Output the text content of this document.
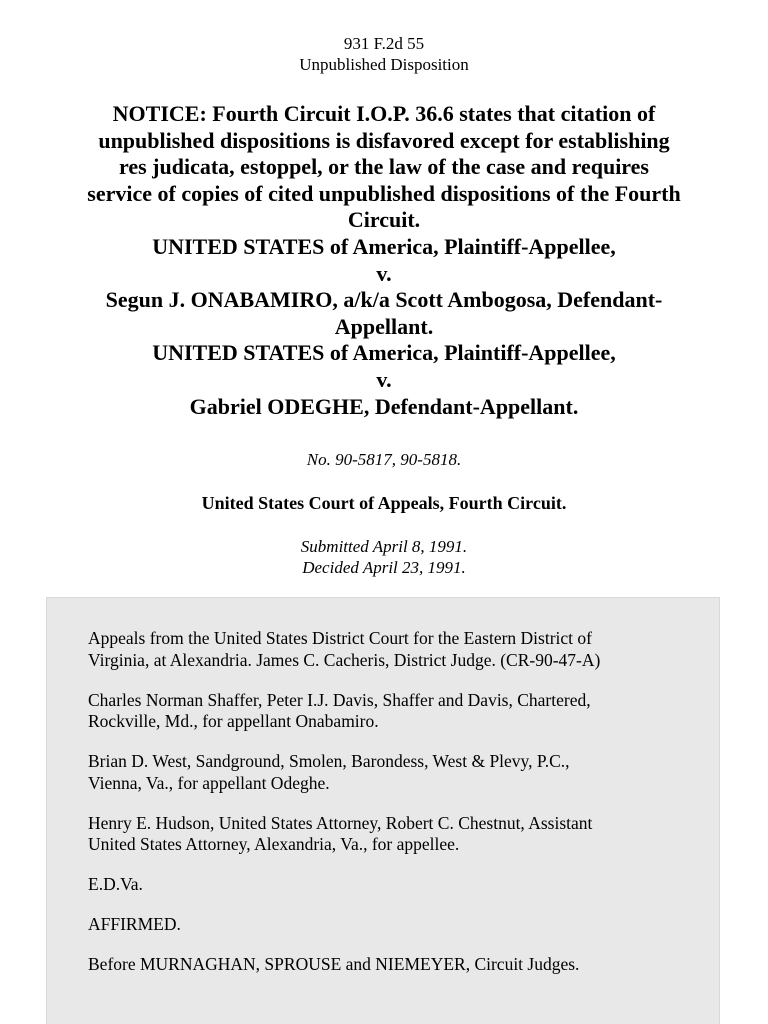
931 F.2d 55
Unpublished Disposition
NOTICE: Fourth Circuit I.O.P. 36.6 states that citation of
unpublished dispositions is disfavored except for establishing
res judicata, estoppel, or the law of the case and requires
service of copies of cited unpublished dispositions of the Fourth
Circuit.
UNITED STATES of America, Plaintiff-Appellee,
v.
Segun J. ONABAMIRO, a/k/a Scott Ambogosa, Defendant-
Appellant.
UNITED STATES of America, Plaintiff-Appellee,
v.
Gabriel ODEGHE, Defendant-Appellant.
No. 90-5817, 90-5818.
United States Court of Appeals, Fourth Circuit.
Submitted April 8, 1991.
Decided April 23, 1991.

Appeals from the United States District Court for the Eastern District of
Virginia, at Alexandria. James C. Cacheris, District Judge. (CR-90-47-A)

Charles Norman Shaffer, Peter I.J. Davis, Shaffer and Davis, Chartered,
Rockville, Md., for appellant Onabamiro.

Brian D. West, Sandground, Smolen, Barondess, West & Plevy, P.C.,
Vienna, Va., for appellant Odeghe.

Henry E. Hudson, United States Attorney, Robert C. Chestnut, Assistant
United States Attorney, Alexandria, Va., for appellee.

E.D.Va.

AFFIRMED.

Before MURNAGHAN, SPROUSE and NIEMEYER, Circuit Judges.
